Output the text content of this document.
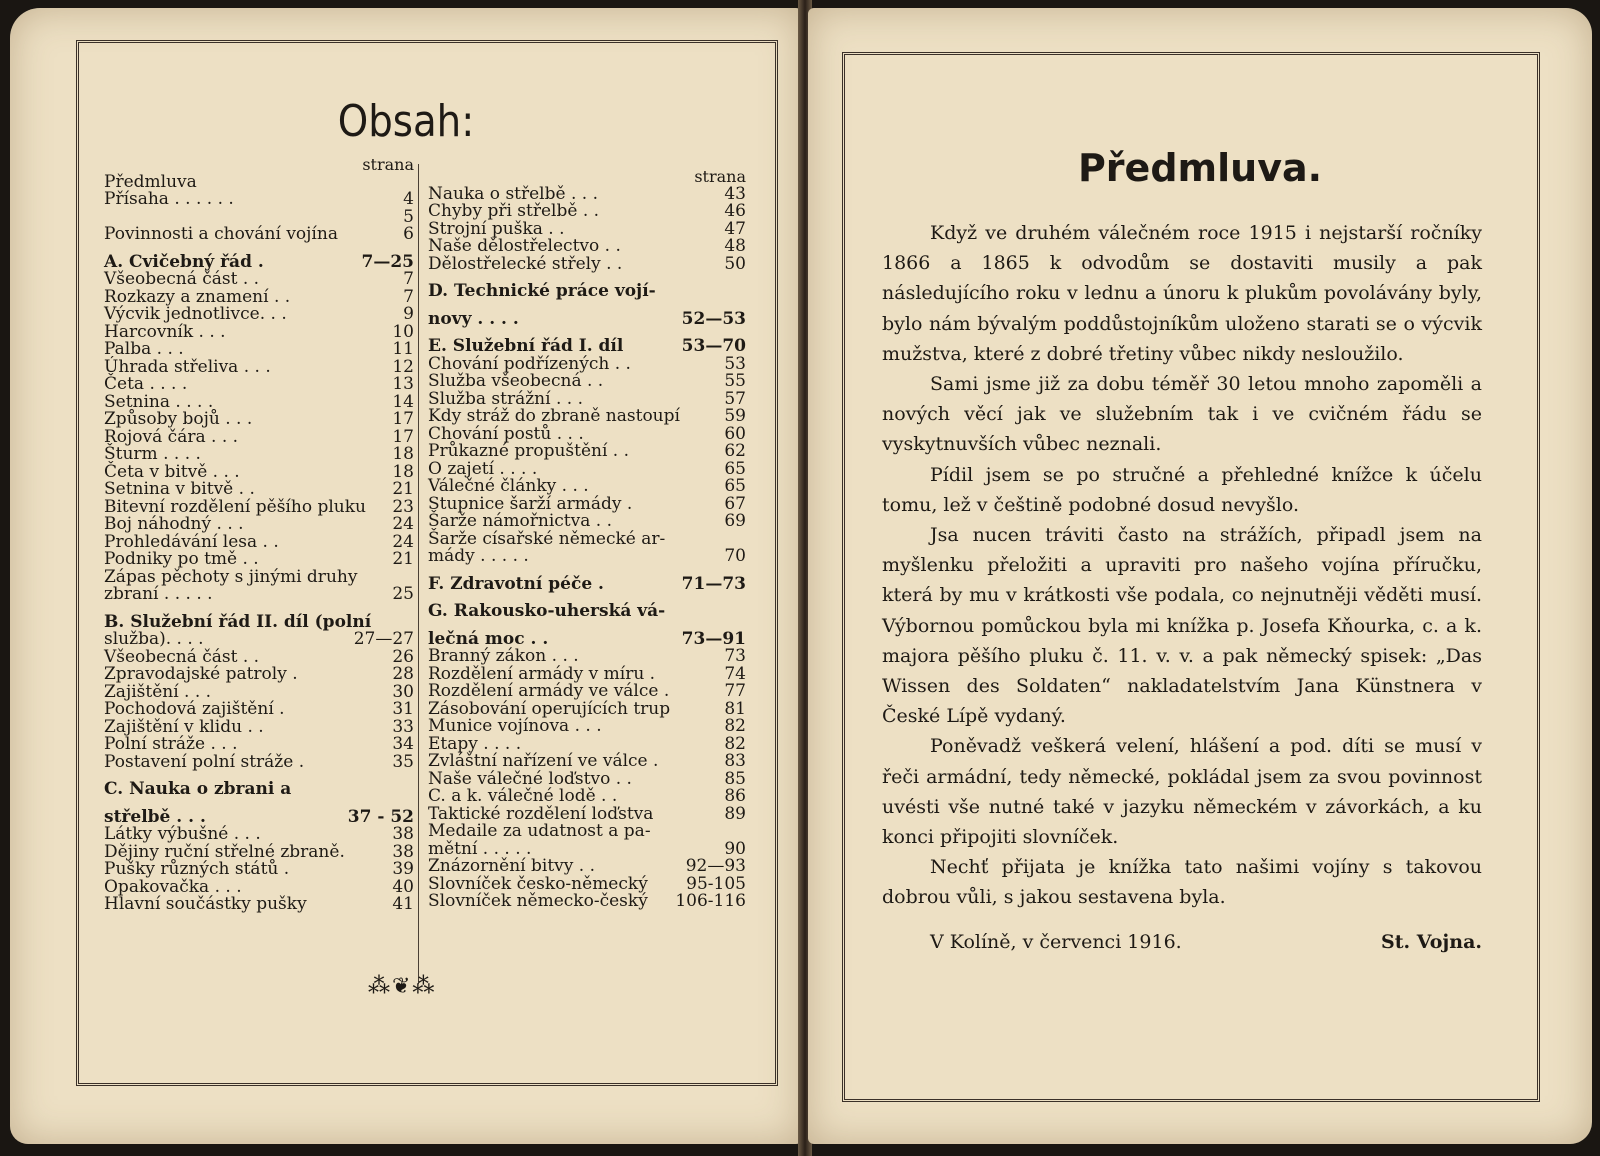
Obsah:
strana
Předmluva
Přísaha . . . . . .	4
5
Povinnosti a chování vojína	6
A. Cvičebný řád .	7—25
Všeobecná část . .	7
Rozkazy a znamení . .	7
Výcvik jednotlivce. . .	9
Harcovník . . .	10
Palba . . .	11
Úhrada střeliva . . .	12
Četa . . . .	13
Setnina . . . .	14
Způsoby bojů . . .	17
Rojová čára . . .	17
Šturm . . . .	18
Četa v bitvě . . .	18
Setnina v bitvě . .	21
Bitevní rozdělení pěšího pluku	23
Boj náhodný . . .	24
Prohledávání lesa . .	24
Podniky po tmě . .	21
Zápas pěchoty s jinými druhy
zbraní . . . . .	25
B. Služební řád II. díl (polní
služba). . . .	27—27
Všeobecná část . .	26
Zpravodajské patroly .	28
Zajištění . . .	30
Pochodová zajištění .	31
Zajištění v klidu . .	33
Polní stráže . . .	34
Postavení polní stráže .	35
C. Nauka o zbrani a
střelbě . . .	37 - 52
Látky výbušné . . .	38
Dějiny ruční střelné zbraně.	38
Pušky různých států .	39
Opakovačka . . .	40
Hlavní součástky pušky	41
strana
Nauka o střelbě . . .	43
Chyby při střelbě . .	46
Strojní puška . .	47
Naše dělostřelectvo . .	48
Dělostřelecké střely . .	50
D. Technické práce vojí-
novy . . . .	52—53
E. Služební řád I. díl	53—70
Chování podřízených . .	53
Služba všeobecná . .	55
Služba strážní . . .	57
Kdy stráž do zbraně nastoupí	59
Chování postů . . .	60
Průkazné propuštění . .	62
O zajetí . . . .	65
Válečné články . . .	65
Stupnice šarží armády .	67
Šarže námořnictva . .	69
Šarže císařské německé ar-
mády . . . . .	70
F. Zdravotní péče .	71—73
G. Rakousko-uherská vá-
lečná moc . .	73—91
Branný zákon . . .	73
Rozdělení armády v míru .	74
Rozdělení armády ve válce .	77
Zásobování operujících trup	81
Munice vojínova . . .	82
Etapy . . . .	82
Zvláštní nařízení ve válce .	83
Naše válečné loďstvo . .	85
C. a k. válečné lodě . .	86
Taktické rozdělení loďstva	89
Medaile za udatnost a pa-
mětní . . . . .	90
Znázornění bitvy . .	92—93
Slovníček česko-německý 95-105
Slovníček německo-český 106-116
⁂❦⁂
Předmluva.

Když ve druhém válečném roce 1915 i nejstarší ročníky 1866 a 1865 k odvodům se dostaviti musily a pak následujícího roku v lednu a únoru k plukům povolávány byly, bylo nám bývalým poddůstojníkům uloženo starati se o výcvik mužstva, které z dobré třetiny vůbec nikdy nesloužilo.

Sami jsme již za dobu téměř 30 letou mnoho zapoměli a nových věcí jak ve služebním tak i ve cvičném řádu se vyskytnuvších vůbec neznali.

Pídil jsem se po stručné a přehledné knížce k účelu tomu, lež v češtině podobné dosud nevyšlo.

Jsa nucen tráviti často na strážích, připadl jsem na myšlenku přeložiti a upraviti pro našeho vojína příručku, která by mu v krátkosti vše podala, co nejnutněji věděti musí. Výbornou pomůckou byla mi knížka p. Josefa Kňourka, c. a k. majora pěšího pluku č. 11. v. v. a pak německý spisek: „Das Wissen des Soldaten“ nakladatelstvím Jana Künstnera v České Lípě vydaný.

Poněvadž veškerá velení, hlášení a pod. díti se musí v řeči armádní, tedy německé, pokládal jsem za svou povinnost uvésti vše nutné také v jazyku německém v závorkách, a ku konci připojiti slovníček.

Nechť přijata je knížka tato našimi vojíny s takovou dobrou vůli, s jakou sestavena byla.

V Kolíně, v červenci 1916.	St. Vojna.
